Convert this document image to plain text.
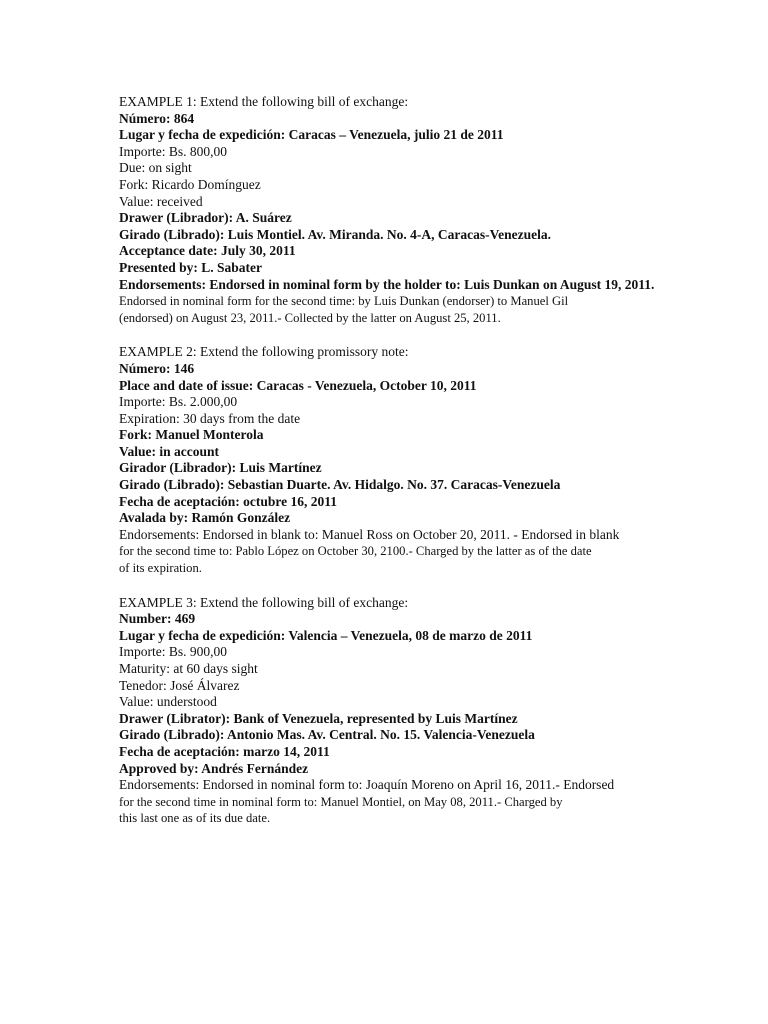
EXAMPLE 1: Extend the following bill of exchange:
Número: 864
Lugar y fecha de expedición: Caracas – Venezuela, julio 21 de 2011
Importe: Bs. 800,00
Due: on sight
Fork: Ricardo Domínguez
Value: received
Drawer (Librador): A. Suárez
Girado (Librado): Luis Montiel. Av. Miranda. No. 4-A, Caracas-Venezuela.
Acceptance date: July 30, 2011
Presented by: L. Sabater
Endorsements: Endorsed in nominal form by the holder to: Luis Dunkan on August 19, 2011.
Endorsed in nominal form for the second time: by Luis Dunkan (endorser) to Manuel Gil
(endorsed) on August 23, 2011.- Collected by the latter on August 25, 2011.
EXAMPLE 2: Extend the following promissory note:
Número: 146
Place and date of issue: Caracas - Venezuela, October 10, 2011
Importe: Bs. 2.000,00
Expiration: 30 days from the date
Fork: Manuel Monterola
Value: in account
Girador (Librador): Luis Martínez
Girado (Librado): Sebastian Duarte. Av. Hidalgo. No. 37. Caracas-Venezuela
Fecha de aceptación: octubre 16, 2011
Avalada by: Ramón González
Endorsements: Endorsed in blank to: Manuel Ross on October 20, 2011. - Endorsed in blank
for the second time to: Pablo López on October 30, 2100.- Charged by the latter as of the date
of its expiration.
EXAMPLE 3: Extend the following bill of exchange:
Number: 469
Lugar y fecha de expedición: Valencia – Venezuela, 08 de marzo de 2011
Importe: Bs. 900,00
Maturity: at 60 days sight
Tenedor: José Álvarez
Value: understood
Drawer (Librator): Bank of Venezuela, represented by Luis Martínez
Girado (Librado): Antonio Mas. Av. Central. No. 15. Valencia-Venezuela
Fecha de aceptación: marzo 14, 2011
Approved by: Andrés Fernández
Endorsements: Endorsed in nominal form to: Joaquín Moreno on April 16, 2011.- Endorsed
for the second time in nominal form to: Manuel Montiel, on May 08, 2011.- Charged by
this last one as of its due date.
